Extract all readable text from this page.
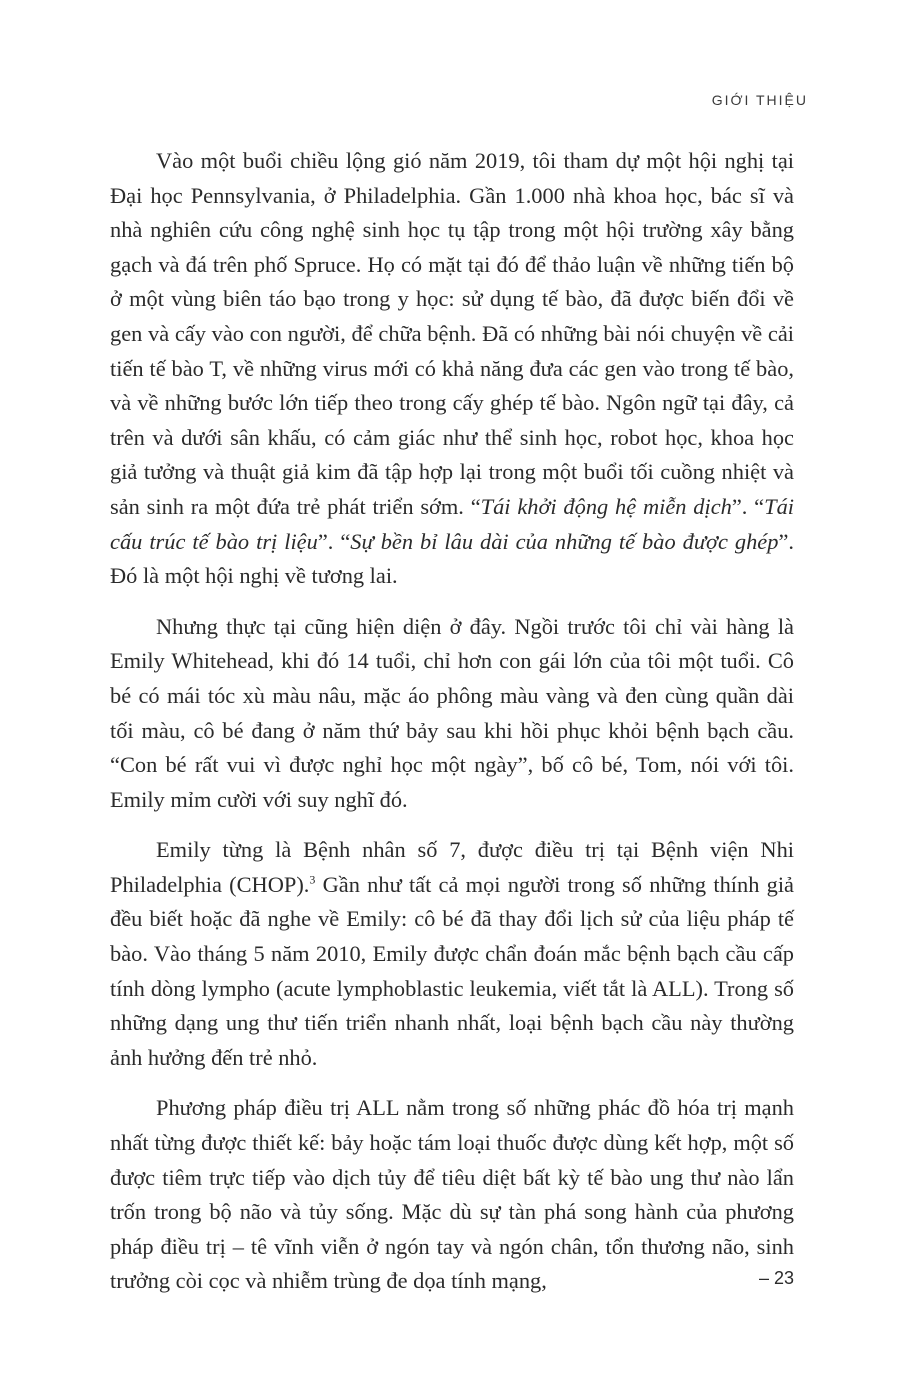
GIỚI THIỆU

Vào một buổi chiều lộng gió năm 2019, tôi tham dự một hội nghị tại Đại học Pennsylvania, ở Philadelphia. Gần 1.000 nhà khoa học, bác sĩ và nhà nghiên cứu công nghệ sinh học tụ tập trong một hội trường xây bằng gạch và đá trên phố Spruce. Họ có mặt tại đó để thảo luận về những tiến bộ ở một vùng biên táo bạo trong y học: sử dụng tế bào, đã được biến đổi về gen và cấy vào con người, để chữa bệnh. Đã có những bài nói chuyện về cải tiến tế bào T, về những virus mới có khả năng đưa các gen vào trong tế bào, và về những bước lớn tiếp theo trong cấy ghép tế bào. Ngôn ngữ tại đây, cả trên và dưới sân khấu, có cảm giác như thể sinh học, robot học, khoa học giả tưởng và thuật giả kim đã tập hợp lại trong một buổi tối cuồng nhiệt và sản sinh ra một đứa trẻ phát triển sớm. “Tái khởi động hệ miễn dịch”. “Tái cấu trúc tế bào trị liệu”. “Sự bền bỉ lâu dài của những tế bào được ghép”. Đó là một hội nghị về tương lai.

Nhưng thực tại cũng hiện diện ở đây. Ngồi trước tôi chỉ vài hàng là Emily Whitehead, khi đó 14 tuổi, chỉ hơn con gái lớn của tôi một tuổi. Cô bé có mái tóc xù màu nâu, mặc áo phông màu vàng và đen cùng quần dài tối màu, cô bé đang ở năm thứ bảy sau khi hồi phục khỏi bệnh bạch cầu. “Con bé rất vui vì được nghỉ học một ngày”, bố cô bé, Tom, nói với tôi. Emily mỉm cười với suy nghĩ đó.

Emily từng là Bệnh nhân số 7, được điều trị tại Bệnh viện Nhi Philadelphia (CHOP).$^3$ Gần như tất cả mọi người trong số những thính giả đều biết hoặc đã nghe về Emily: cô bé đã thay đổi lịch sử của liệu pháp tế bào. Vào tháng 5 năm 2010, Emily được chẩn đoán mắc bệnh bạch cầu cấp tính dòng lympho (acute lymphoblastic leukemia, viết tắt là ALL). Trong số những dạng ung thư tiến triển nhanh nhất, loại bệnh bạch cầu này thường ảnh hưởng đến trẻ nhỏ.

Phương pháp điều trị ALL nằm trong số những phác đồ hóa trị mạnh nhất từng được thiết kế: bảy hoặc tám loại thuốc được dùng kết hợp, một số được tiêm trực tiếp vào dịch tủy để tiêu diệt bất kỳ tế bào ung thư nào lẩn trốn trong bộ não và tủy sống. Mặc dù sự tàn phá song hành của phương pháp điều trị – tê vĩnh viễn ở ngón tay và ngón chân, tổn thương não, sinh trưởng còi cọc và nhiễm trùng đe dọa tính mạng,	– 23
